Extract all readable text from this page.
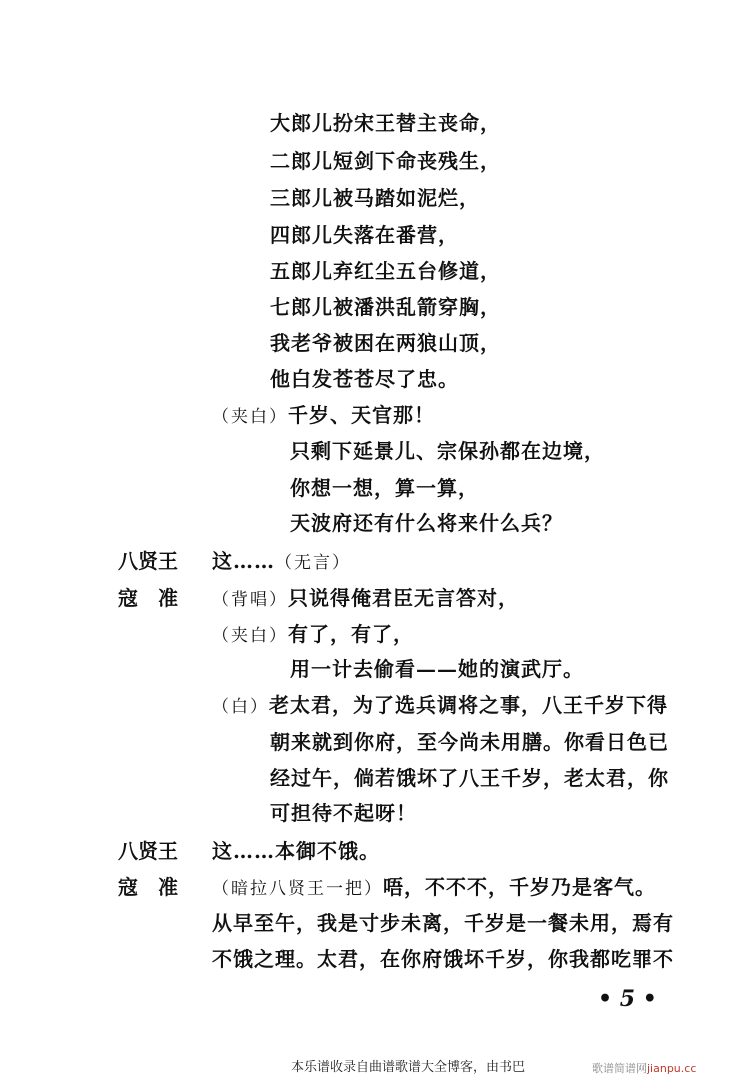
大郎儿扮宋王替主丧命，
二郎儿短剑下命丧残生，
三郎儿被马踏如泥烂，
四郎儿失落在番营，
五郎儿弃红尘五台修道，
七郎儿被潘洪乱箭穿胸，
我老爷被困在两狼山顶，
他白发苍苍尽了忠。
（夹白）千岁、天官那！
只剩下延景儿、宗保孙都在边境，
你想一想，算一算，
天波府还有什么将来什么兵？
八贤王 这……（无言）
寇　准 （背唱）只说得俺君臣无言答对，
（夹白）有了，有了，
用一计去偷看——她的演武厅。
（白）老太君，为了选兵调将之事，八王千岁下得
朝来就到你府，至今尚未用膳。你看日色已
经过午，倘若饿坏了八王千岁，老太君，你
可担待不起呀！
八贤王 这……本御不饿。
寇　准 （暗拉八贤王一把）唔，不不不，千岁乃是客气。
从早至午，我是寸步未离，千岁是一餐未用，焉有
不饿之理。太君，在你府饿坏千岁，你我都吃罪不
• 5 •
本乐谱收录自曲谱歌谱大全博客，由书巴	歌谱简谱网jianpu.cc
